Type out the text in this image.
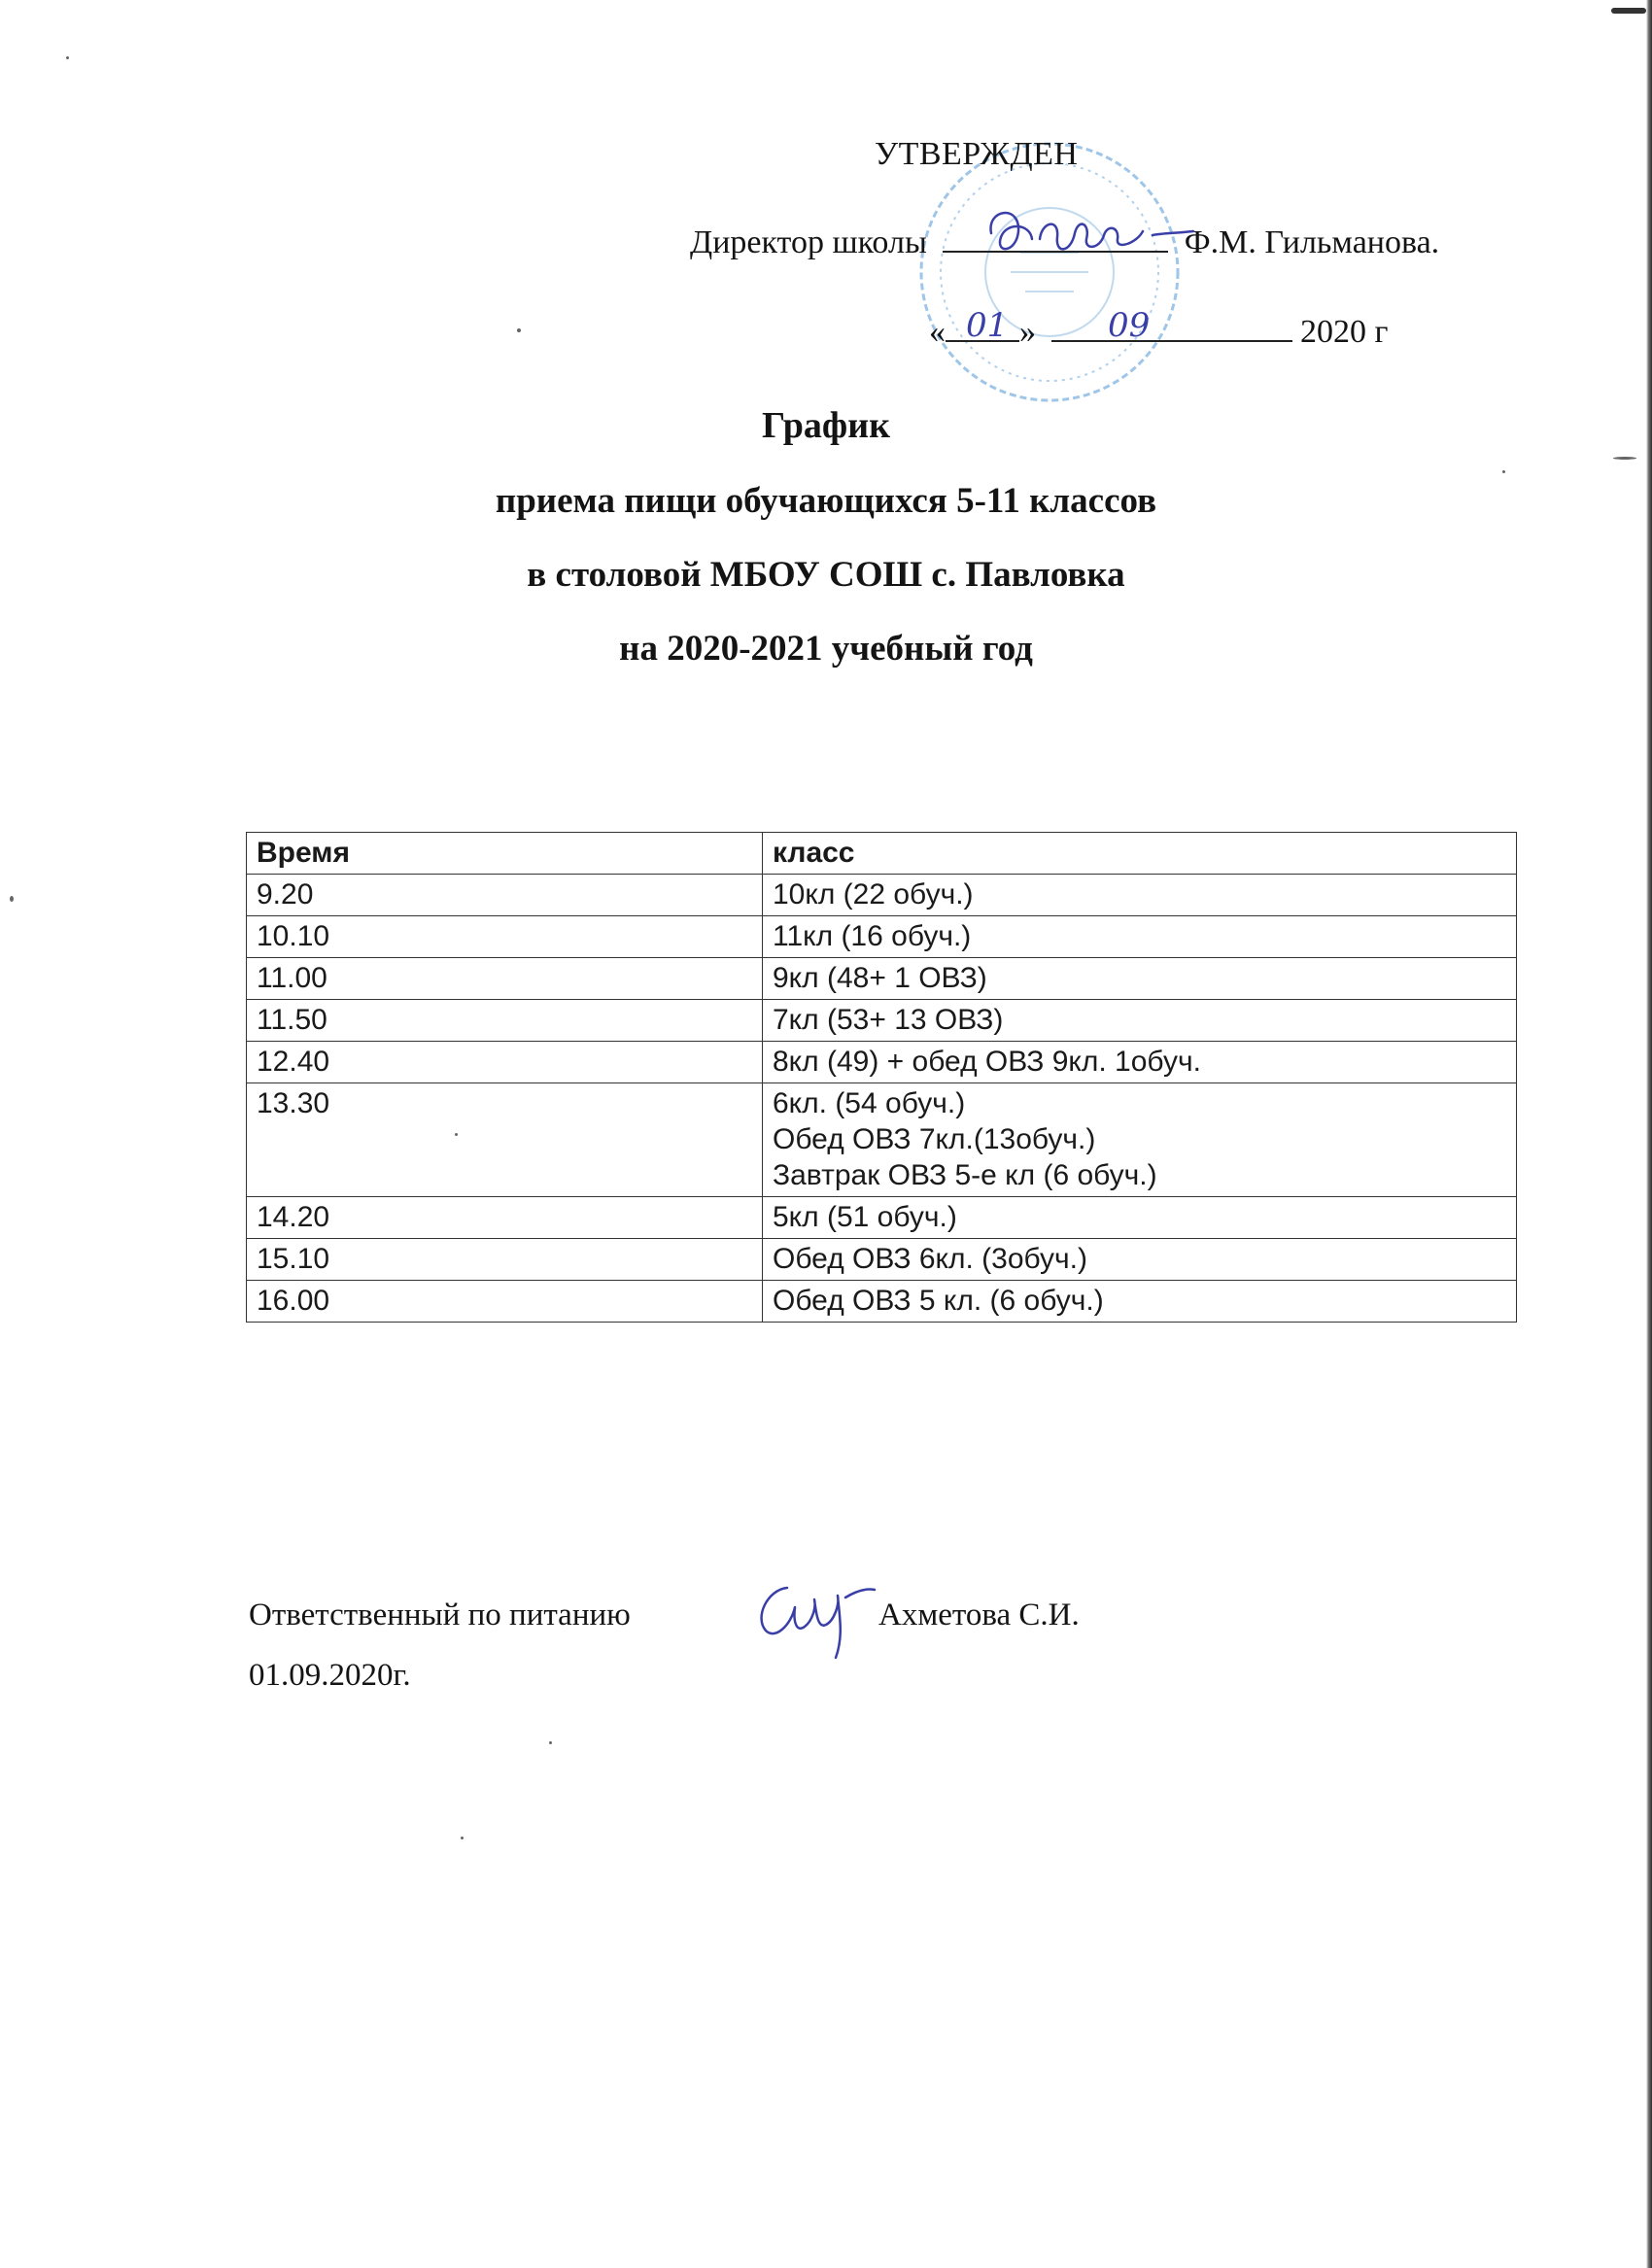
УТВЕРЖДЕН
Директор школы	Ф.М. Гильманова.
« »	2020 г
01	09
График
приема пищи обучающихся 5-11 классов
в столовой МБОУ СОШ с. Павловка
на 2020-2021 учебный год
Время	класс
9.20	10кл (22 обуч.)

10.10	11кл (16 обуч.)

11.00	9кл (48+ 1 ОВЗ)

11.50	7кл (53+ 13 ОВЗ)

12.40	8кл (49) + обед ОВЗ 9кл. 1обуч.

13.30	6кл. (54 обуч.)
Обед ОВЗ 7кл.(13обуч.)
Завтрак ОВЗ 5-е кл (6 обуч.)

14.20	5кл (51 обуч.)

15.10	Обед ОВЗ 6кл. (3обуч.)

16.00	Обед ОВЗ 5 кл. (6 обуч.)
Ответственный по питанию	Ахметова С.И.
01.09.2020г.
